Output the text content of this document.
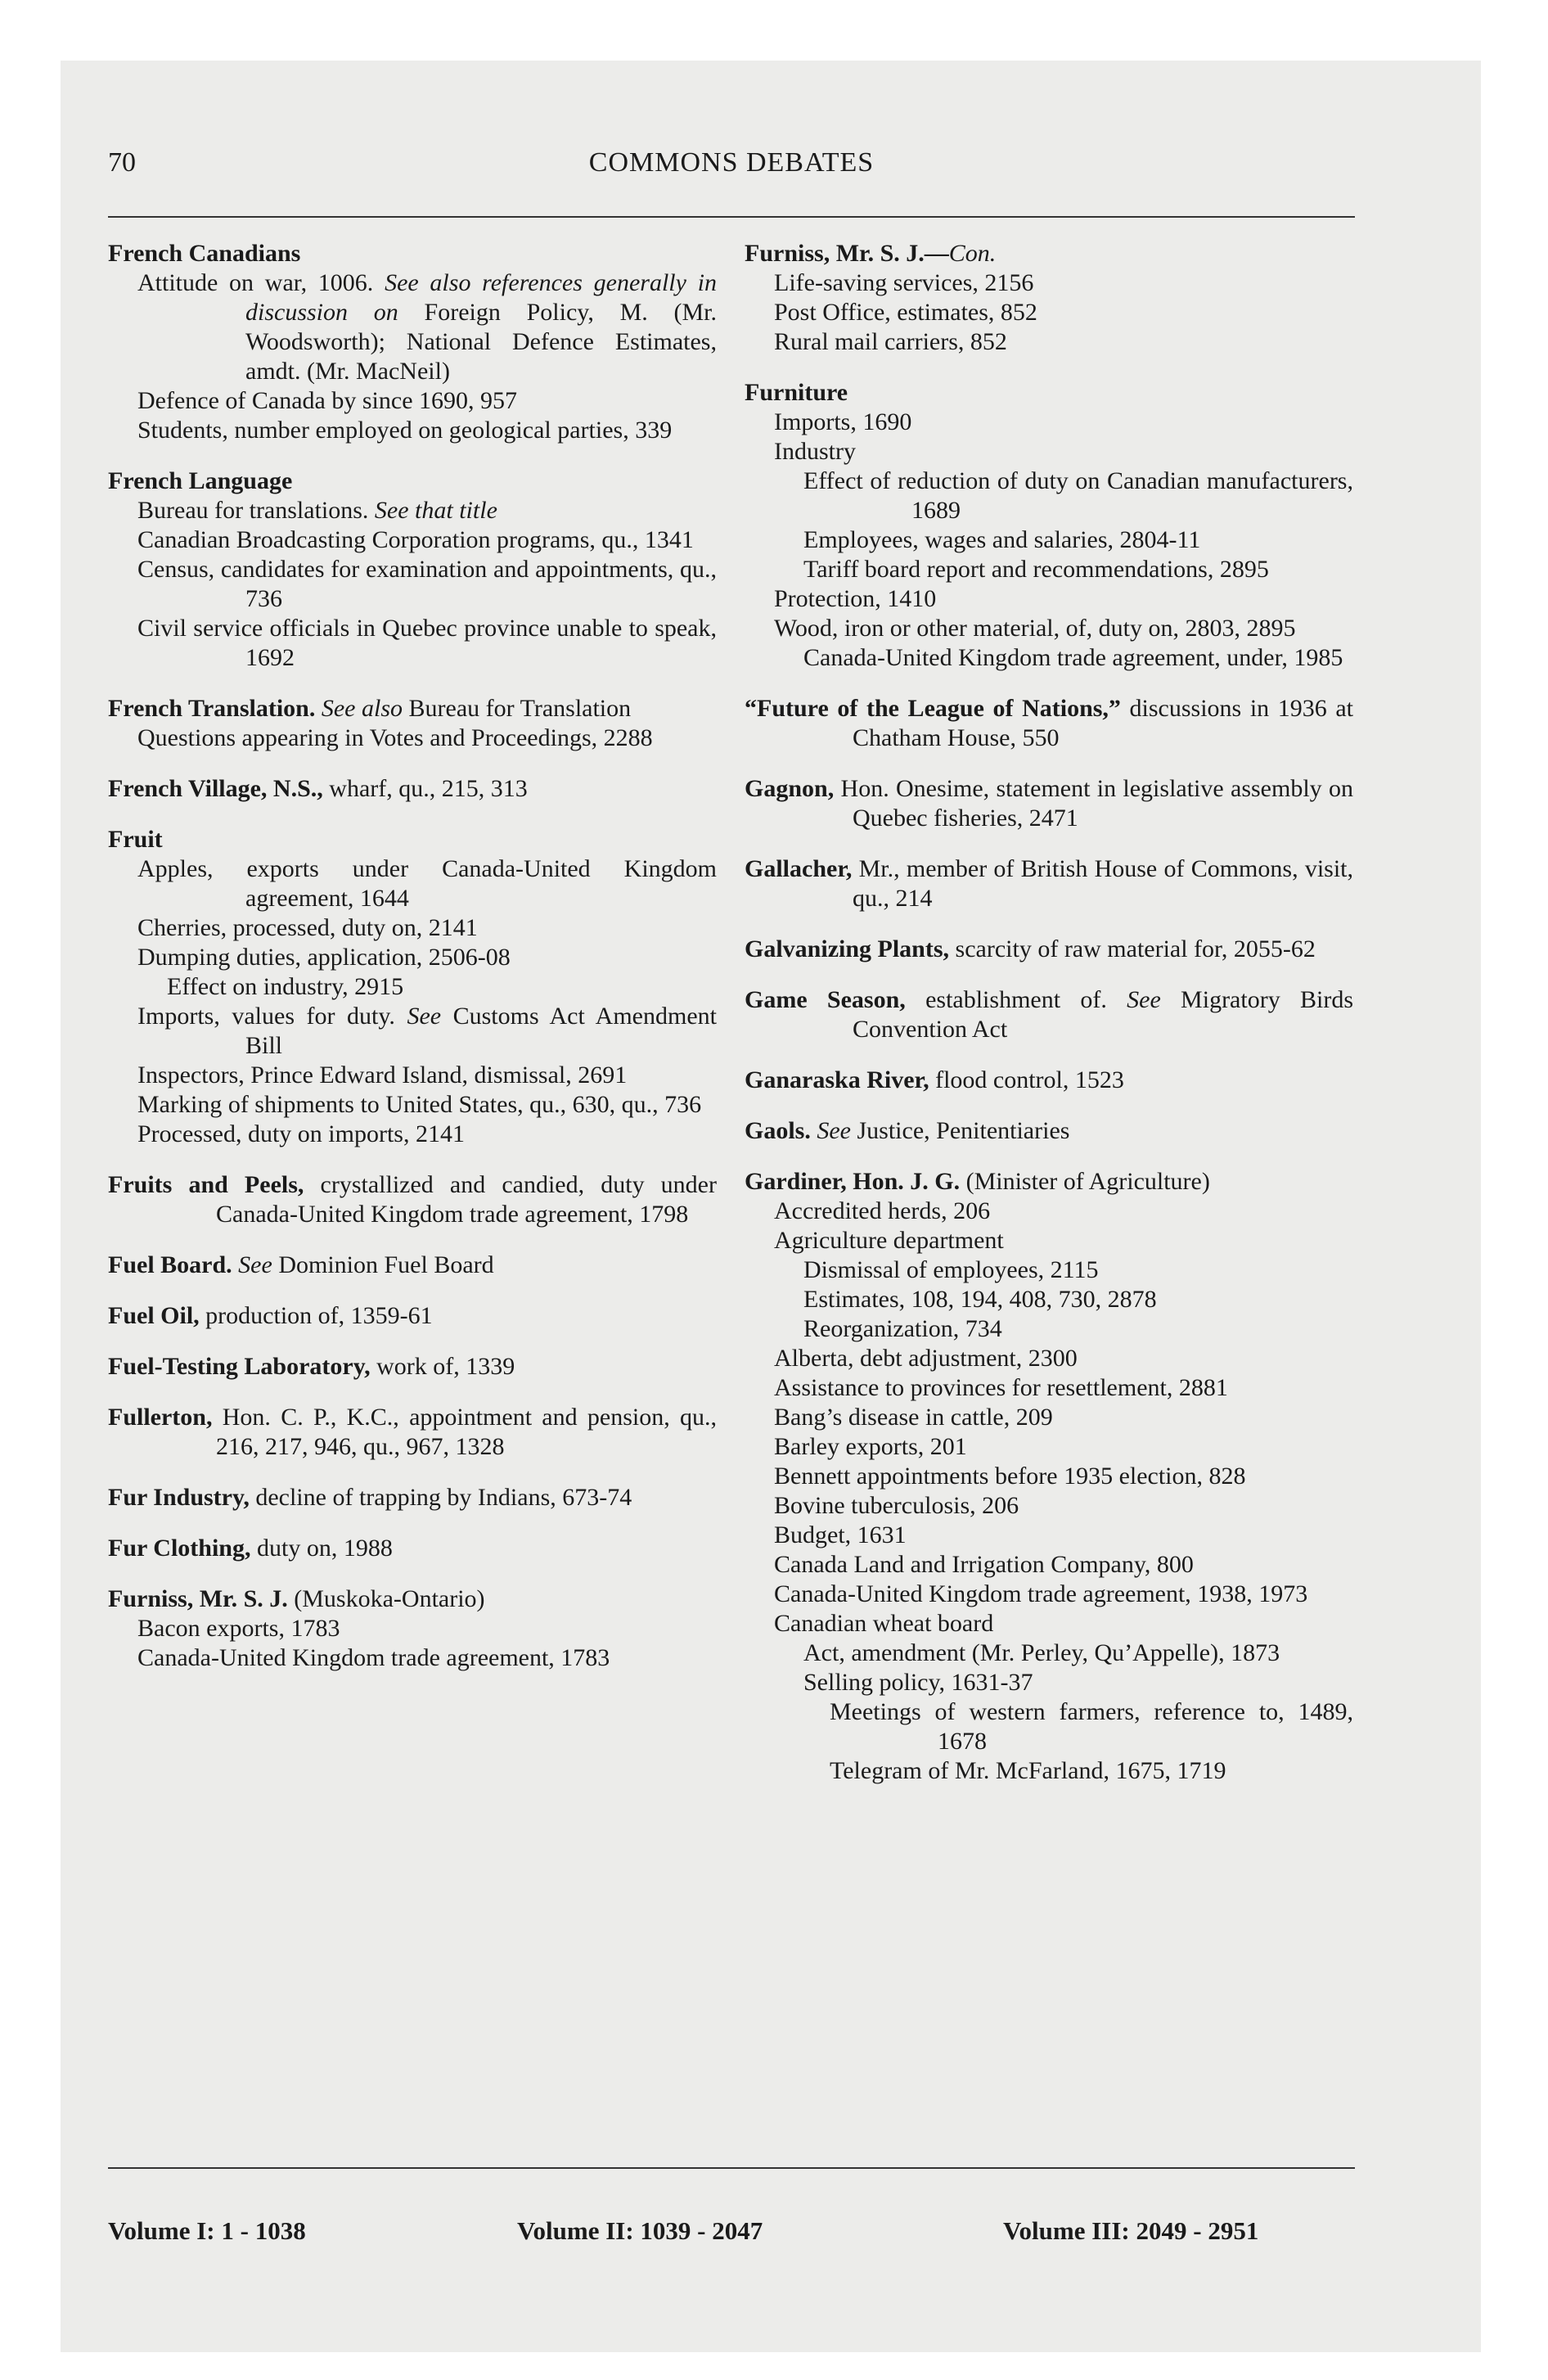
70	COMMONS DEBATES
French Canadians
Attitude on war, 1006. See also references generally in discussion on Foreign Policy, M. (Mr. Woodsworth); National Defence Estimates, amdt. (Mr. MacNeil)
Defence of Canada by since 1690, 957
Students, number employed on geological parties, 339
French Language
Bureau for translations. See that title
Canadian Broadcasting Corporation programs, qu., 1341
Census, candidates for examination and appointments, qu., 736
Civil service officials in Quebec province unable to speak, 1692
French Translation. See also Bureau for Translation
Questions appearing in Votes and Proceedings, 2288
French Village, N.S., wharf, qu., 215, 313
Fruit
Apples, exports under Canada-United Kingdom agreement, 1644
Cherries, processed, duty on, 2141
Dumping duties, application, 2506-08
Effect on industry, 2915
Imports, values for duty. See Customs Act Amendment Bill
Inspectors, Prince Edward Island, dismissal, 2691
Marking of shipments to United States, qu., 630, qu., 736
Processed, duty on imports, 2141
Fruits and Peels, crystallized and candied, duty under Canada-United Kingdom trade agreement, 1798
Fuel Board. See Dominion Fuel Board
Fuel Oil, production of, 1359-61
Fuel-Testing Laboratory, work of, 1339
Fullerton, Hon. C. P., K.C., appointment and pension, qu., 216, 217, 946, qu., 967, 1328
Fur Industry, decline of trapping by Indians, 673-74
Fur Clothing, duty on, 1988
Furniss, Mr. S. J. (Muskoka-Ontario)
Bacon exports, 1783
Canada-United Kingdom trade agreement, 1783
Furniss, Mr. S. J.—Con.
Life-saving services, 2156
Post Office, estimates, 852
Rural mail carriers, 852
Furniture
Imports, 1690
Industry
Effect of reduction of duty on Canadian manufacturers, 1689
Employees, wages and salaries, 2804-11
Tariff board report and recommendations, 2895
Protection, 1410
Wood, iron or other material, of, duty on, 2803, 2895
Canada-United Kingdom trade agreement, under, 1985
“Future of the League of Nations,” discussions in 1936 at Chatham House, 550
Gagnon, Hon. Onesime, statement in legislative assembly on Quebec fisheries, 2471
Gallacher, Mr., member of British House of Commons, visit, qu., 214
Galvanizing Plants, scarcity of raw material for, 2055-62
Game Season, establishment of. See Migratory Birds Convention Act
Ganaraska River, flood control, 1523
Gaols. See Justice, Penitentiaries
Gardiner, Hon. J. G. (Minister of Agriculture)
Accredited herds, 206
Agriculture department
Dismissal of employees, 2115
Estimates, 108, 194, 408, 730, 2878
Reorganization, 734
Alberta, debt adjustment, 2300
Assistance to provinces for resettlement, 2881
Bang’s disease in cattle, 209
Barley exports, 201
Bennett appointments before 1935 election, 828
Bovine tuberculosis, 206
Budget, 1631
Canada Land and Irrigation Company, 800
Canada-United Kingdom trade agreement, 1938, 1973
Canadian wheat board
Act, amendment (Mr. Perley, Qu’Appelle), 1873
Selling policy, 1631-37
Meetings of western farmers, reference to, 1489, 1678
Telegram of Mr. McFarland, 1675, 1719
Volume I: 1 - 1038	Volume II: 1039 - 2047	Volume III: 2049 - 2951
